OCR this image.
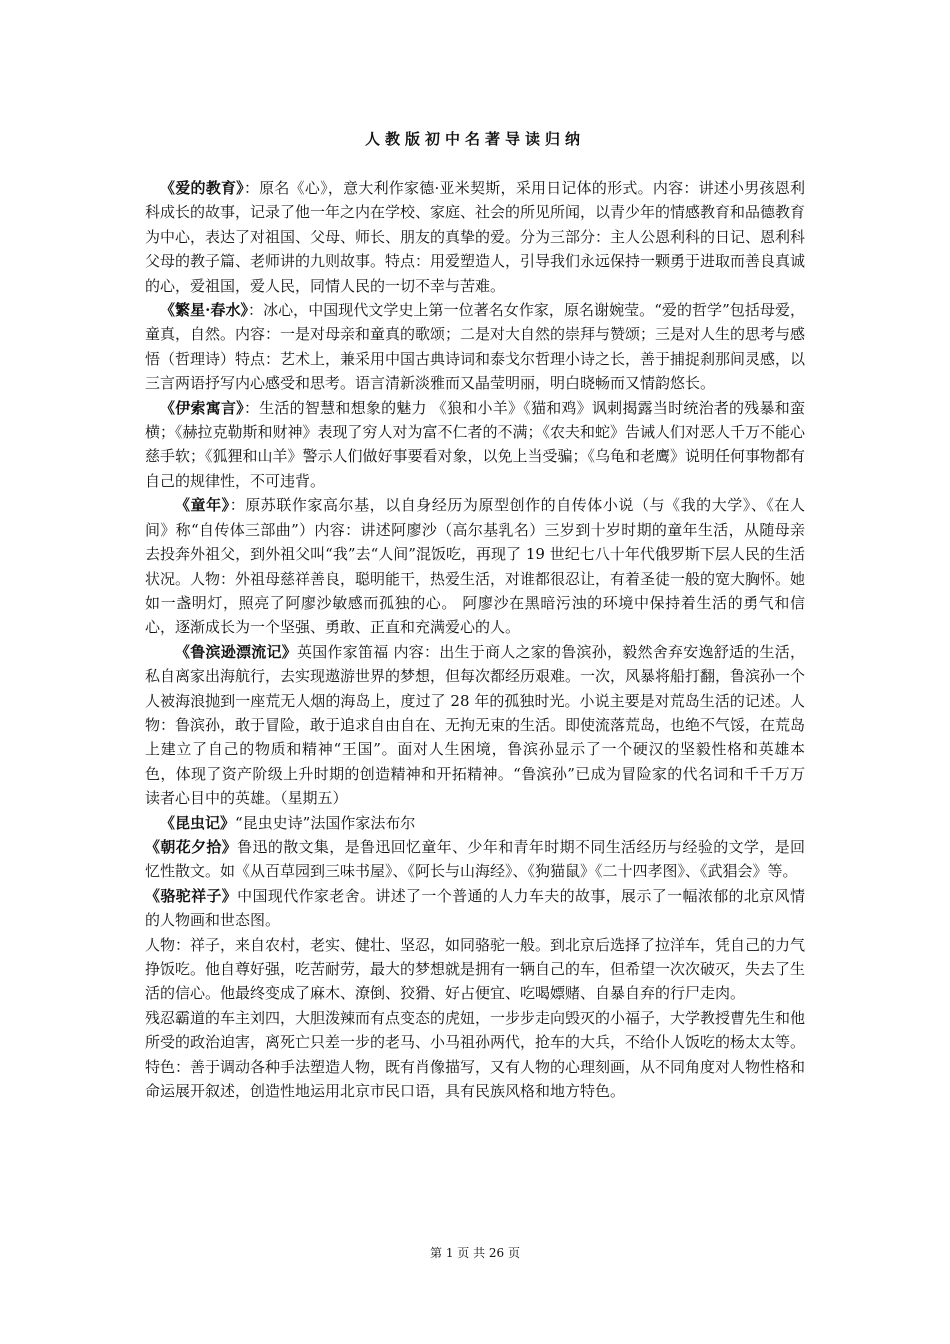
人教版初中名著导读归纳

《爱的教育》：原名《心》，意大利作家德·亚米契斯，采用日记体的形式。内容：讲述小男孩恩利科成长的故事，记录了他一年之内在学校、家庭、社会的所见所闻，以青少年的情感教育和品德教育为中心，表达了对祖国、父母、师长、朋友的真挚的爱。分为三部分：主人公恩利科的日记、恩利科父母的教子篇、老师讲的九则故事。特点：用爱塑造人，引导我们永远保持一颗勇于进取而善良真诚的心，爱祖国，爱人民，同情人民的一切不幸与苦难。

《繁星·春水》：冰心，中国现代文学史上第一位著名女作家，原名谢婉莹。“爱的哲学”包括母爱，童真，自然。内容：一是对母亲和童真的歌颂；二是对大自然的崇拜与赞颂；三是对人生的思考与感悟（哲理诗）特点：艺术上，兼采用中国古典诗词和泰戈尔哲理小诗之长，善于捕捉刹那间灵感，以三言两语抒写内心感受和思考。语言清新淡雅而又晶莹明丽，明白晓畅而又情韵悠长。

《伊索寓言》：生活的智慧和想象的魅力 《狼和小羊》《猫和鸡》讽刺揭露当时统治者的残暴和蛮横；《赫拉克勒斯和财神》表现了穷人对为富不仁者的不满；《农夫和蛇》告诫人们对恶人千万不能心慈手软；《狐狸和山羊》警示人们做好事要看对象，以免上当受骗；《乌龟和老鹰》说明任何事物都有自己的规律性，不可违背。

《童年》：原苏联作家高尔基，以自身经历为原型创作的自传体小说（与《我的大学》、《在人间》称“自传体三部曲”）内容：讲述阿廖沙（高尔基乳名）三岁到十岁时期的童年生活，从随母亲去投奔外祖父，到外祖父叫“我”去“人间”混饭吃，再现了 19 世纪七八十年代俄罗斯下层人民的生活状况。人物：外祖母慈祥善良，聪明能干，热爱生活，对谁都很忍让，有着圣徒一般的宽大胸怀。她如一盏明灯，照亮了阿廖沙敏感而孤独的心。 阿廖沙在黑暗污浊的环境中保持着生活的勇气和信心，逐渐成长为一个坚强、勇敢、正直和充满爱心的人。

《鲁滨逊漂流记》英国作家笛福 内容：出生于商人之家的鲁滨孙，毅然舍弃安逸舒适的生活，私自离家出海航行，去实现遨游世界的梦想，但每次都经历艰难。一次，风暴将船打翻，鲁滨孙一个人被海浪抛到一座荒无人烟的海岛上，度过了 28 年的孤独时光。小说主要是对荒岛生活的记述。人物：鲁滨孙，敢于冒险，敢于追求自由自在、无拘无束的生活。即使流落荒岛，也绝不气馁，在荒岛上建立了自己的物质和精神“王国”。面对人生困境，鲁滨孙显示了一个硬汉的坚毅性格和英雄本色，体现了资产阶级上升时期的创造精神和开拓精神。“鲁滨孙”已成为冒险家的代名词和千千万万读者心目中的英雄。（星期五）

《昆虫记》“昆虫史诗”法国作家法布尔

《朝花夕拾》鲁迅的散文集，是鲁迅回忆童年、少年和青年时期不同生活经历与经验的文学，是回忆性散文。如《从百草园到三味书屋》、《阿长与山海经》、《狗猫鼠》《二十四孝图》、《武猖会》等。

《骆驼祥子》中国现代作家老舍。讲述了一个普通的人力车夫的故事，展示了一幅浓郁的北京风情的人物画和世态图。

人物：祥子，来自农村，老实、健壮、坚忍，如同骆驼一般。到北京后选择了拉洋车，凭自己的力气挣饭吃。他自尊好强，吃苦耐劳，最大的梦想就是拥有一辆自己的车，但希望一次次破灭，失去了生活的信心。他最终变成了麻木、潦倒、狡猾、好占便宜、吃喝嫖赌、自暴自弃的行尸走肉。

残忍霸道的车主刘四，大胆泼辣而有点变态的虎妞，一步步走向毁灭的小福子，大学教授曹先生和他所受的政治迫害，离死亡只差一步的老马、小马祖孙两代，抢车的大兵，不给仆人饭吃的杨太太等。

特色：善于调动各种手法塑造人物，既有肖像描写，又有人物的心理刻画，从不同角度对人物性格和命运展开叙述，创造性地运用北京市民口语，具有民族风格和地方特色。

第 1 页 共 26 页
